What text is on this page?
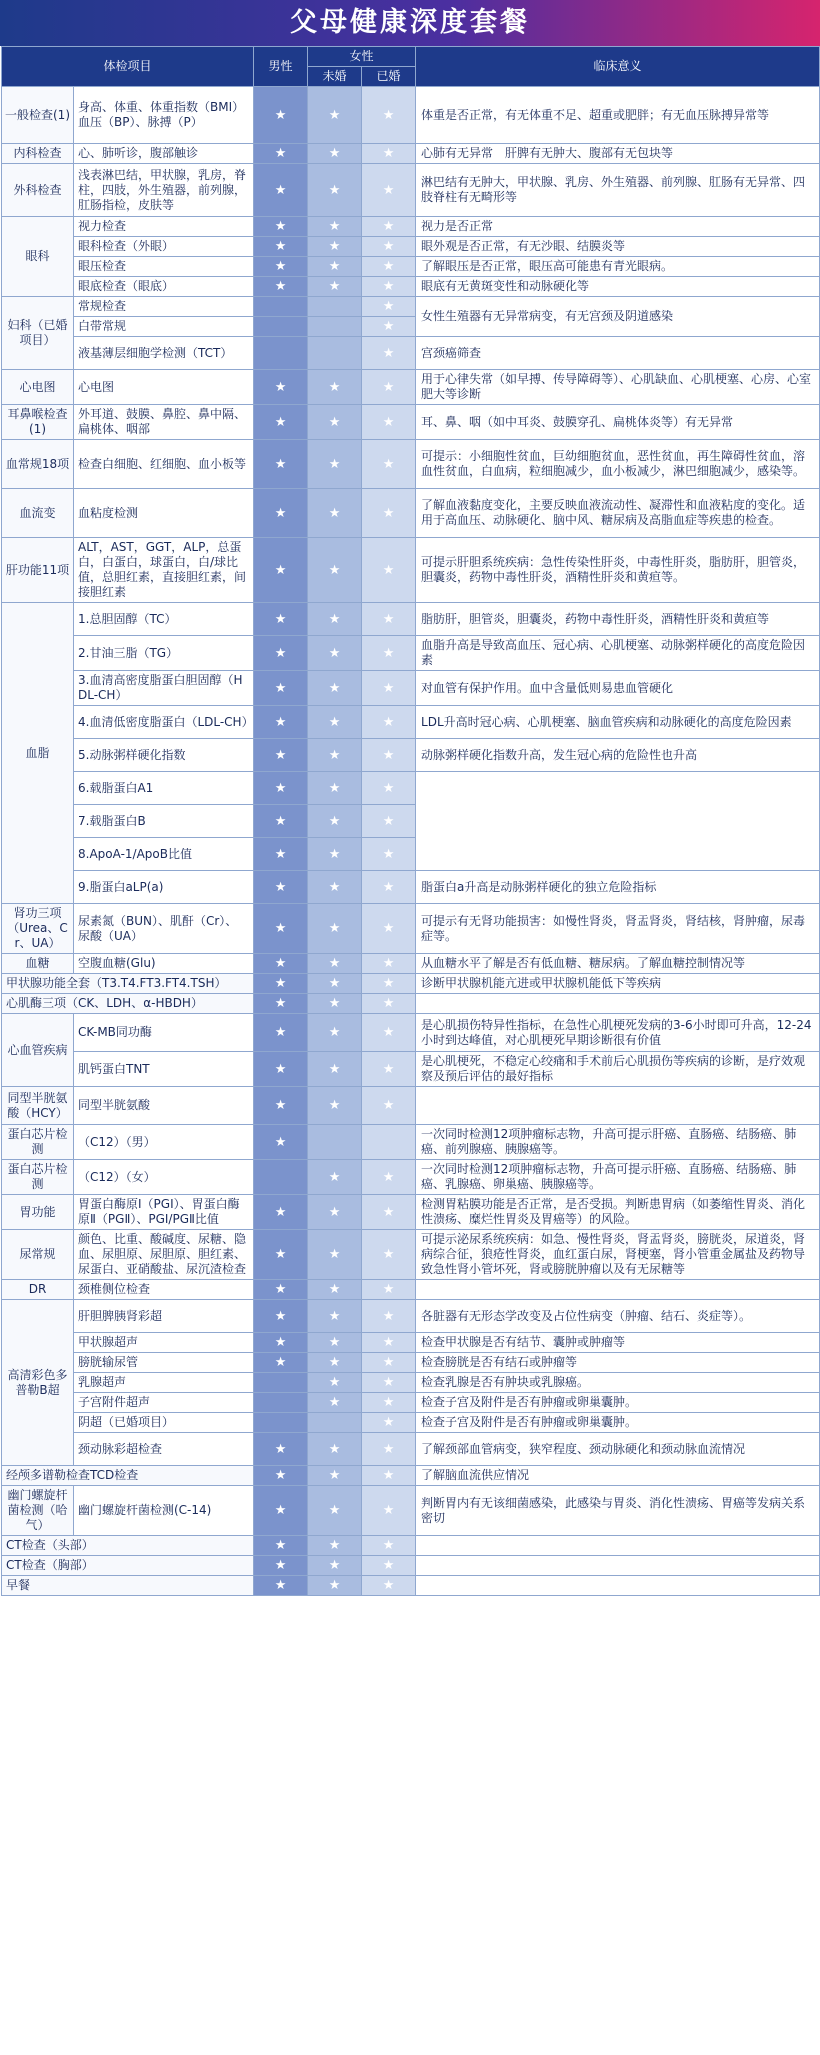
父母健康深度套餐
体检项目		男性	女性		临床意义
			未婚	已婚	
一般检查(1)	身高、体重、体重指数（BMI）血压（BP）、脉搏（P）	★	★	★	体重是否正常，有无体重不足、超重或肥胖；有无血压脉搏异常等
内科检查	心、肺听诊，腹部触诊	★	★	★	心肺有无异常　肝脾有无肿大、腹部有无包块等
外科检查	浅表淋巴结，甲状腺，乳房，脊柱，四肢，外生殖器，前列腺，肛肠指检，皮肤等	★	★	★	淋巴结有无肿大，甲状腺、乳房、外生殖器、前列腺、肛肠有无异常、四肢脊柱有无畸形等
眼科	视力检查	★	★	★	视力是否正常
	眼科检查（外眼）	★	★	★	眼外观是否正常，有无沙眼、结膜炎等
	眼压检查	★	★	★	了解眼压是否正常，眼压高可能患有青光眼病。
	眼底检查（眼底）	★	★	★	眼底有无黄斑变性和动脉硬化等
妇科（已婚项目）	常规检查			★	女性生殖器有无异常病变，有无宫颈及阴道感染
	白带常规			★	
	液基薄层细胞学检测（TCT）			★	宫颈癌筛查
心电图	心电图	★	★	★	用于心律失常（如早搏、传导障碍等）、心肌缺血、心肌梗塞、心房、心室肥大等诊断
耳鼻喉检查(1)	外耳道、鼓膜、鼻腔、鼻中隔、扁桃体、咽部	★	★	★	耳、鼻、咽（如中耳炎、鼓膜穿孔、扁桃体炎等）有无异常
血常规18项	检查白细胞、红细胞、血小板等	★	★	★	可提示：小细胞性贫血，巨幼细胞贫血，恶性贫血，再生障碍性贫血，溶血性贫血，白血病，粒细胞减少，血小板减少，淋巴细胞减少，感染等。
血流变	血粘度检测	★	★	★	了解血液黏度变化，主要反映血液流动性、凝滞性和血液粘度的变化。适用于高血压、动脉硬化、脑中风、糖尿病及高脂血症等疾患的检查。
肝功能11项	ALT，AST，GGT，ALP，总蛋白，白蛋白，球蛋白，白/球比值，总胆红素，直接胆红素，间接胆红素	★	★	★	可提示肝胆系统疾病：急性传染性肝炎，中毒性肝炎，脂肪肝，胆管炎，胆囊炎，药物中毒性肝炎，酒精性肝炎和黄疸等。
血脂	1.总胆固醇（TC）	★	★	★	脂肪肝，胆管炎，胆囊炎，药物中毒性肝炎，酒精性肝炎和黄疸等
	2.甘油三脂（TG）	★	★	★	血脂升高是导致高血压、冠心病、心肌梗塞、动脉粥样硬化的高度危险因素
	3.血清高密度脂蛋白胆固醇（HDL-CH）	★	★	★	对血管有保护作用。血中含量低则易患血管硬化
	4.血清低密度脂蛋白（LDL-CH）	★	★	★	LDL升高时冠心病、心肌梗塞、脑血管疾病和动脉硬化的高度危险因素
	5.动脉粥样硬化指数	★	★	★	动脉粥样硬化指数升高，发生冠心病的危险性也升高
	6.载脂蛋白A1	★	★	★	
	7.载脂蛋白B	★	★	★	
	8.ApoA-1/ApoB比值	★	★	★	
	9.脂蛋白aLP(a)	★	★	★	脂蛋白a升高是动脉粥样硬化的独立危险指标
肾功三项（Urea、Cr、UA）	尿素氮（BUN）、肌酐（Cr）、尿酸（UA）	★	★	★	可提示有无肾功能损害：如慢性肾炎，肾盂肾炎，肾结核，肾肿瘤，尿毒症等。
血糖	空腹血糖(Glu)	★	★	★	从血糖水平了解是否有低血糖、糖尿病。了解血糖控制情况等
甲状腺功能全套（T3.T4.FT3.FT4.TSH）		★	★	★	诊断甲状腺机能亢进或甲状腺机能低下等疾病
心肌酶三项（CK、LDH、α-HBDH）		★	★	★	
心血管疾病	CK-MB同功酶	★	★	★	是心肌损伤特异性指标，在急性心肌梗死发病的3-6小时即可升高，12-24小时到达峰值，对心肌梗死早期诊断很有价值
	肌钙蛋白TNT	★	★	★	是心肌梗死，不稳定心绞痛和手术前后心肌损伤等疾病的诊断，是疗效观察及预后评估的最好指标
同型半胱氨酸（HCY）	同型半胱氨酸	★	★	★	
蛋白芯片检测	（C12）（男）	★			一次同时检测12项肿瘤标志物，升高可提示肝癌、直肠癌、结肠癌、肺癌、前列腺癌、胰腺癌等。
蛋白芯片检测	（C12）（女）		★	★	一次同时检测12项肿瘤标志物，升高可提示肝癌、直肠癌、结肠癌、肺癌、乳腺癌、卵巢癌、胰腺癌等。
胃功能	胃蛋白酶原Ⅰ（PGⅠ）、胃蛋白酶原Ⅱ（PGⅡ）、PGⅠ/PGⅡ比值	★	★	★	检测胃粘膜功能是否正常，是否受损。判断患胃病（如萎缩性胃炎、消化性溃疡、糜烂性胃炎及胃癌等）的风险。
尿常规	颜色、比重、酸碱度、尿糖、隐血、尿胆原、尿胆原、胆红素、尿蛋白、亚硝酸盐、尿沉渣检查	★	★	★	可提示泌尿系统疾病：如急、慢性肾炎，肾盂肾炎，膀胱炎，尿道炎，肾病综合征，狼疮性肾炎，血红蛋白尿，肾梗塞，肾小管重金属盐及药物导致急性肾小管坏死，肾或膀胱肿瘤以及有无尿糖等
DR	颈椎侧位检查	★	★	★	
高清彩色多普勒B超	肝胆脾胰肾彩超	★	★	★	各脏器有无形态学改变及占位性病变（肿瘤、结石、炎症等）。
	甲状腺超声	★	★	★	检查甲状腺是否有结节、囊肿或肿瘤等
	膀胱输尿管	★	★	★	检查膀胱是否有结石或肿瘤等
	乳腺超声		★	★	检查乳腺是否有肿块或乳腺癌。
	子宫附件超声		★	★	检查子宫及附件是否有肿瘤或卵巢囊肿。
	阴超（已婚项目）			★	检查子宫及附件是否有肿瘤或卵巢囊肿。
	颈动脉彩超检查	★	★	★	了解颈部血管病变，狭窄程度、颈动脉硬化和颈动脉血流情况
经颅多谱勒检查TCD检查		★	★	★	了解脑血流供应情况
幽门螺旋杆菌检测（哈气）	幽门螺旋杆菌检测(C-14)	★	★	★	判断胃内有无该细菌感染，此感染与胃炎、消化性溃疡、胃癌等发病关系密切
CT检查（头部）		★	★	★	
CT检查（胸部）		★	★	★	
早餐		★	★	★	
